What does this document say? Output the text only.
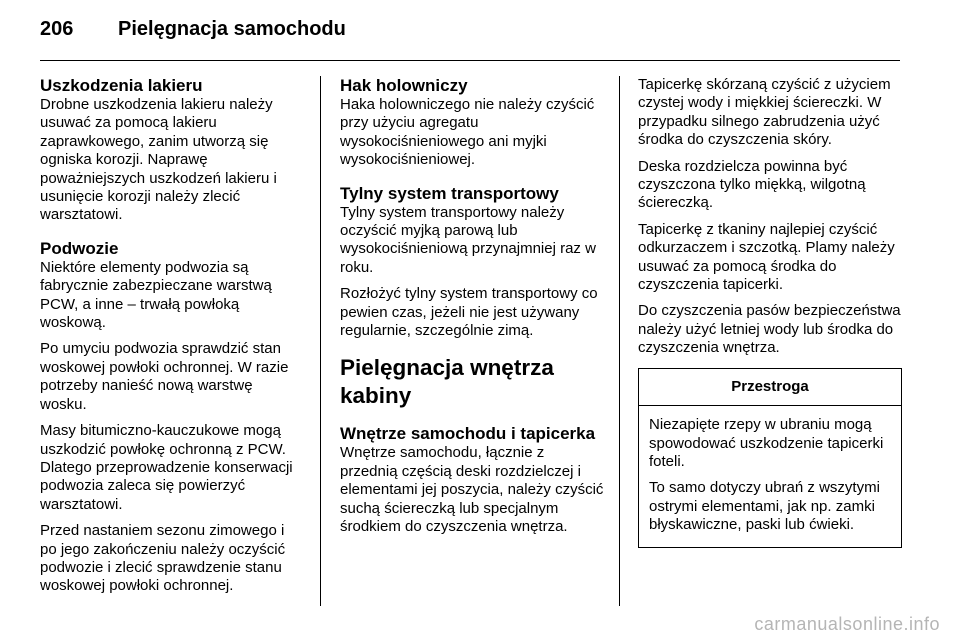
206	Pielęgnacja samochodu
Uszkodzenia lakieru

Drobne uszkodzenia lakieru należy usuwać za pomocą lakieru zaprawkowego, zanim utworzą się ogniska korozji. Naprawę poważniejszych uszkodzeń lakieru i usunięcie korozji należy zlecić warsztatowi.

Podwozie

Niektóre elementy podwozia są fabrycznie zabezpieczane warstwą PCW, a inne – trwałą powłoką woskową.

Po umyciu podwozia sprawdzić stan woskowej powłoki ochronnej. W razie potrzeby nanieść nową warstwę wosku.

Masy bitumiczno-kauczukowe mogą uszkodzić powłokę ochronną z PCW. Dlatego przeprowadzenie konserwacji podwozia zaleca się powierzyć warsztatowi.

Przed nastaniem sezonu zimowego i po jego zakończeniu należy oczyścić podwozie i zlecić sprawdzenie stanu woskowej powłoki ochronnej.

Hak holowniczy

Haka holowniczego nie należy czyścić przy użyciu agregatu wysokociśnieniowego ani myjki wysokociśnieniowej.

Tylny system transportowy

Tylny system transportowy należy oczyścić myjką parową lub wysokociśnieniową przynajmniej raz w roku.

Rozłożyć tylny system transportowy co pewien czas, jeżeli nie jest używany regularnie, szczególnie zimą.

Pielęgnacja wnętrza kabiny
Wnętrze samochodu i tapicerka

Wnętrze samochodu, łącznie z przednią częścią deski rozdzielczej i elementami jej poszycia, należy czyścić suchą ściereczką lub specjalnym środkiem do czyszczenia wnętrza.

Tapicerkę skórzaną czyścić z użyciem czystej wody i miękkiej ściereczki. W przypadku silnego zabrudzenia użyć środka do czyszczenia skóry.

Deska rozdzielcza powinna być czyszczona tylko miękką, wilgotną ściereczką.

Tapicerkę z tkaniny najlepiej czyścić odkurzaczem i szczotką. Plamy należy usuwać za pomocą środka do czyszczenia tapicerki.

Do czyszczenia pasów bezpieczeństwa należy użyć letniej wody lub środka do czyszczenia wnętrza.

Przestroga

Niezapięte rzepy w ubraniu mogą spowodować uszkodzenie tapicerki foteli.

To samo dotyczy ubrań z wszytymi ostrymi elementami, jak np. zamki błyskawiczne, paski lub ćwieki.

carmanualsonline.info
